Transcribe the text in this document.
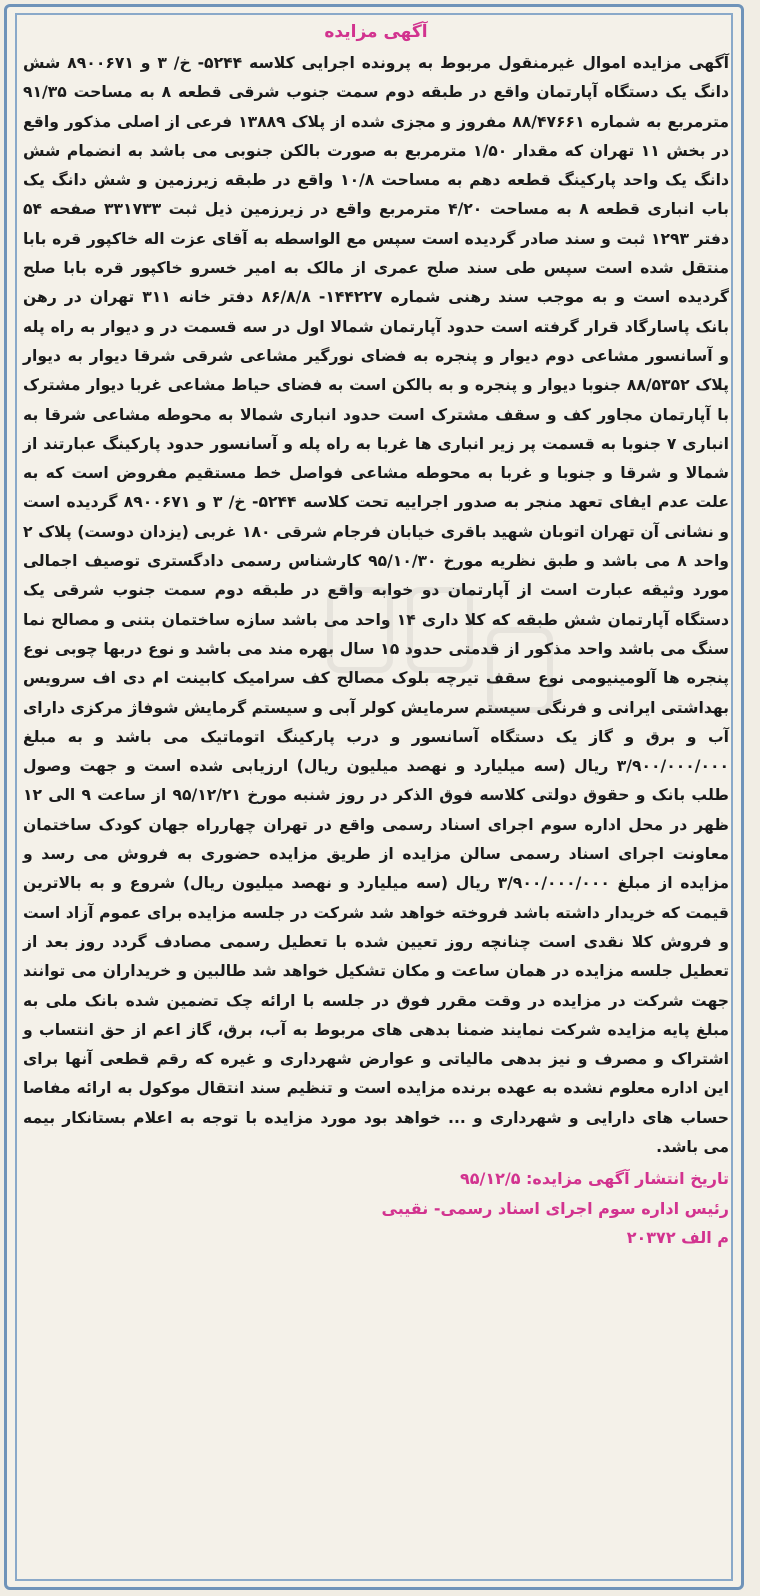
آگهی مزایده

آگهی مزایده اموال غیرمنقول مربوط به پرونده اجرایی کلاسه ۵۲۴۴- خ/ ۳ و ۸۹۰۰۶۷۱ شش دانگ یک دستگاه آپارتمان واقع در طبقه دوم سمت جنوب شرقی قطعه ۸ به مساحت ۹۱/۳۵ مترمربع به شماره ۸۸/۴۷۶۶۱ مفروز و مجزی شده از پلاک ۱۳۸۸۹ فرعی از اصلی مذکور واقع در بخش ۱۱ تهران که مقدار ۱/۵۰ مترمربع به صورت بالکن جنوبی می باشد به انضمام شش دانگ یک واحد پارکینگ قطعه دهم به مساحت ۱۰/۸ واقع در طبقه زیرزمین و شش دانگ یک باب انباری قطعه ۸ به مساحت ۴/۲۰ مترمربع واقع در زیرزمین ذیل ثبت ۳۳۱۷۳۳ صفحه ۵۴ دفتر ۱۲۹۳ ثبت و سند صادر گردیده است سپس مع الواسطه به آقای عزت اله خاکپور قره بابا منتقل شده است سپس طی سند صلح عمری از مالک به امیر خسرو خاکپور قره بابا صلح گردیده است و به موجب سند رهنی شماره ۱۴۴۲۲۷- ۸۶/۸/۸ دفتر خانه ۳۱۱ تهران در رهن بانک پاسارگاد قرار گرفته است حدود آپارتمان شمالا اول در سه قسمت در و دیوار به راه پله و آسانسور مشاعی دوم دیوار و پنجره به فضای نورگیر مشاعی شرقی شرقا دیوار به دیوار پلاک ۸۸/۵۳۵۲ جنوبا دیوار و پنجره و به بالکن است به فضای حیاط مشاعی غربا دیوار مشترک با آپارتمان مجاور کف و سقف مشترک است حدود انباری شمالا به محوطه مشاعی شرقا به انباری ۷ جنوبا به قسمت پر زیر انباری ها غربا به راه پله و آسانسور حدود پارکینگ عبارتند از شمالا و شرقا و جنوبا و غربا به محوطه مشاعی فواصل خط مستقیم مفروض است که به علت عدم ایفای تعهد منجر به صدور اجراییه تحت کلاسه ۵۲۴۴- خ/ ۳ و ۸۹۰۰۶۷۱ گردیده است و نشانی آن تهران اتوبان شهید باقری خیابان فرجام شرقی ۱۸۰ غربی (یزدان دوست) پلاک ۲ واحد ۸ می باشد و طبق نظریه مورخ ۹۵/۱۰/۳۰ کارشناس رسمی دادگستری توصیف اجمالی مورد وثیقه عبارت است از آپارتمان دو خوابه واقع در طبقه دوم سمت جنوب شرقی یک دستگاه آپارتمان شش طبقه که کلا داری ۱۴ واحد می باشد سازه ساختمان بتنی و مصالح نما سنگ می باشد واحد مذکور از قدمتی حدود ۱۵ سال بهره مند می باشد و نوع دربها چوبی نوع پنجره ها آلومینیومی نوع سقف تیرچه بلوک مصالح کف سرامیک کابینت ام دی اف سرویس بهداشتی ایرانی و فرنگی سیستم سرمایش کولر آبی و سیستم گرمایش شوفاژ مرکزی دارای آب و برق و گاز یک دستگاه آسانسور و درب پارکینگ اتوماتیک می باشد و به مبلغ ۳/۹۰۰/۰۰۰/۰۰۰ ریال (سه میلیارد و نهصد میلیون ریال) ارزیابی شده است و جهت وصول طلب بانک و حقوق دولتی کلاسه فوق الذکر در روز شنبه مورخ ۹۵/۱۲/۲۱ از ساعت ۹ الی ۱۲ ظهر در محل اداره سوم اجرای اسناد رسمی واقع در تهران چهارراه جهان کودک ساختمان معاونت اجرای اسناد رسمی سالن مزایده از طریق مزایده حضوری به فروش می رسد و مزایده از مبلغ ۳/۹۰۰/۰۰۰/۰۰۰ ریال (سه میلیارد و نهصد میلیون ریال) شروع و به بالاترین قیمت که خریدار داشته باشد فروخته خواهد شد شرکت در جلسه مزایده برای عموم آزاد است و فروش کلا نقدی است چنانچه روز تعیین شده با تعطیل رسمی مصادف گردد روز بعد از تعطیل جلسه مزایده در همان ساعت و مکان تشکیل خواهد شد طالبین و خریداران می توانند جهت شرکت در مزایده در وقت مقرر فوق در جلسه با ارائه چک تضمین شده بانک ملی به مبلغ پایه مزایده شرکت نمایند ضمنا بدهی های مربوط به آب، برق، گاز اعم از حق انتساب و اشتراک و مصرف و نیز بدهی مالیاتی و عوارض شهرداری و غیره که رقم قطعی آنها برای این اداره معلوم نشده به عهده برنده مزایده است و تنظیم سند انتقال موکول به ارائه مفاصا حساب های دارایی و شهرداری و ... خواهد بود مورد مزایده با توجه به اعلام بستانکار بیمه می باشد.

تاریخ انتشار آگهی مزایده: ۹۵/۱۲/۵

رئیس اداره سوم اجرای اسناد رسمی- نقیبی

م الف ۲۰۳۷۲
